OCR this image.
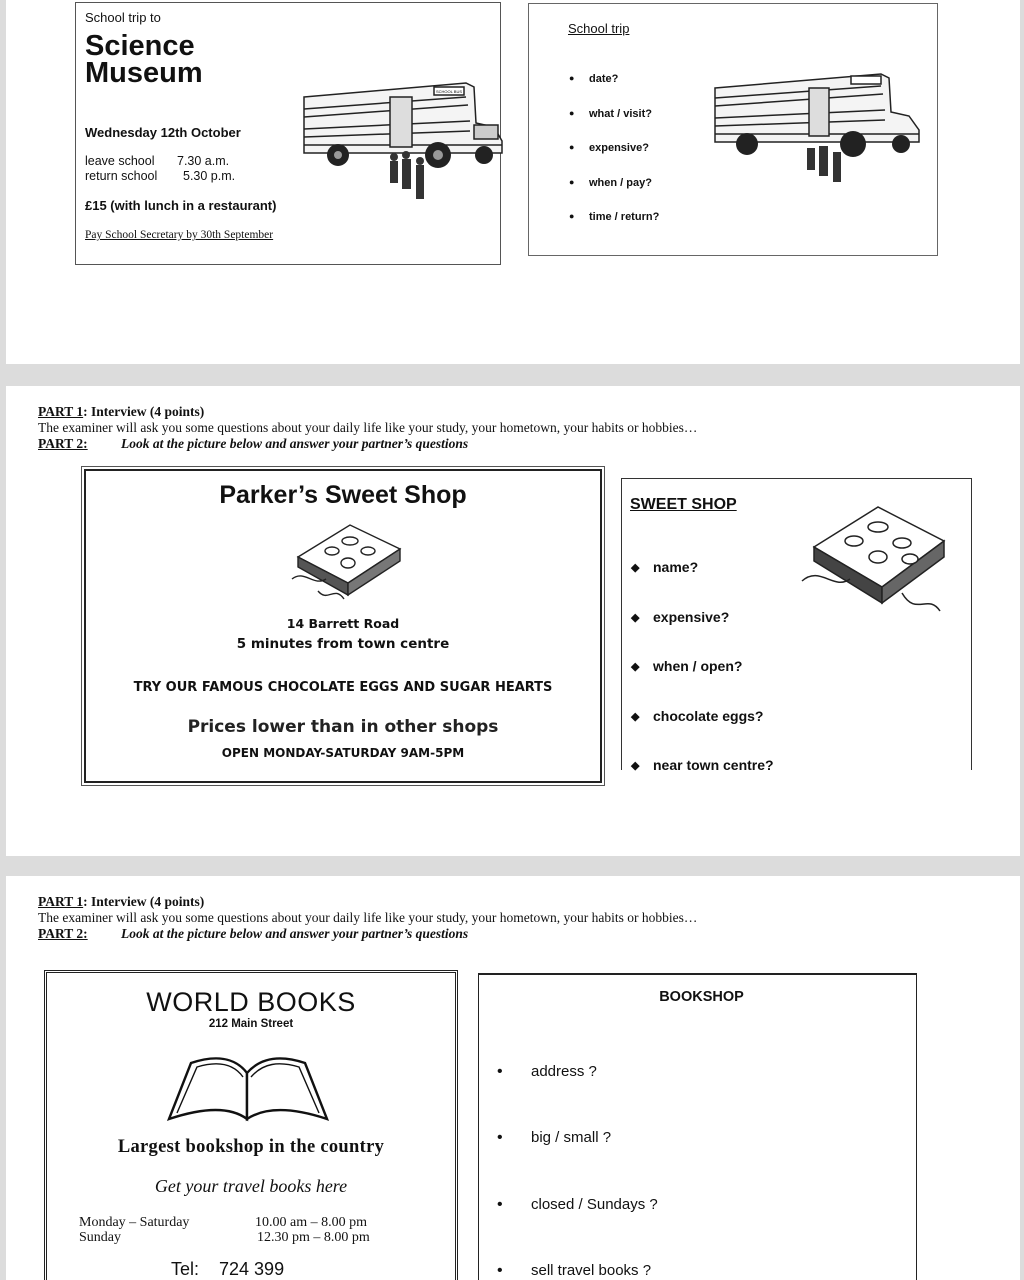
School trip to
Science
Museum
Wednesday 12th October
leave school 7.30 a.m.
return school 5.30 p.m.
£15 (with lunch in a restaurant)
Pay School Secretary by 30th September
SCHOOL BUS
School trip
● date?
● what / visit?
● expensive?
● when / pay?
● time / return?
PART 1: Interview (4 points)
The examiner will ask you some questions about your daily life like your study, your hometown, your habits or hobbies…
PART 2: Look at the picture below and answer your partner’s questions
Parker’s Sweet Shop
14 Barrett Road
5 minutes from town centre
TRY OUR FAMOUS CHOCOLATE EGGS AND SUGAR HEARTS
Prices lower than in other shops
OPEN MONDAY-SATURDAY 9AM-5PM
SWEET SHOP
◆ name?
◆ expensive?
◆ when / open?
◆ chocolate eggs?
◆ near town centre?
PART 1: Interview (4 points)
The examiner will ask you some questions about your daily life like your study, your hometown, your habits or hobbies…
PART 2: Look at the picture below and answer your partner’s questions
WORLD BOOKS
212 Main Street
Largest bookshop in the country
Get your travel books here
Monday – Saturday	10.00 am – 8.00 pm
Sunday	12.30 pm – 8.00 pm
Tel:    724 399
BOOKSHOP
• address ?
• big / small ?
• closed / Sundays ?
• sell travel books ?
